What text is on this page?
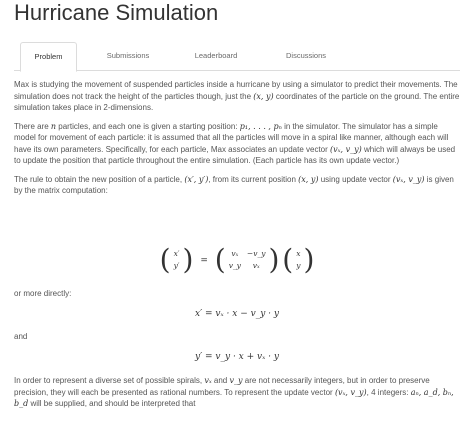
Hurricane Simulation
Problem	Submissions	Leaderboard	Discussions

Max is studying the movement of suspended particles inside a hurricane by using a simulator to predict their movements. The simulation does not track the height of the particles though, just the (x, y) coordinates of the particle on the ground. The entire simulation takes place in 2-dimensions.

There are n particles, and each one is given a starting position: p₁, . . . , pₙ in the simulator. The simulator has a simple model for movement of each particle: it is assumed that all the particles will move in a spiral like manner, although each will have its own parameters. Specifically, for each particle, Max associates an update vector (vₓ, v_y) which will always be used to update the position that particle throughout the entire simulation. (Each particle has its own update vector.)

The rule to obtain the new position of a particle, (x′, y′), from its current position (x, y) using update vector (vₓ, v_y) is given by the matrix computation:

( x′
y′ ) = ( vₓ	−v_y
v_y	vₓ ) ( x
y )
or more directly:
x′ = vₓ · x − v_y · y
and
y′ = v_y · x + vₓ · y

In order to represent a diverse set of possible spirals, vₓ and v_y are not necessarily integers, but in order to preserve precision, they will each be presented as rational numbers. To represent the update vector (vₓ, v_y), 4 integers: aₙ, a_d, bₙ, b_d will be supplied, and should be interpreted that
